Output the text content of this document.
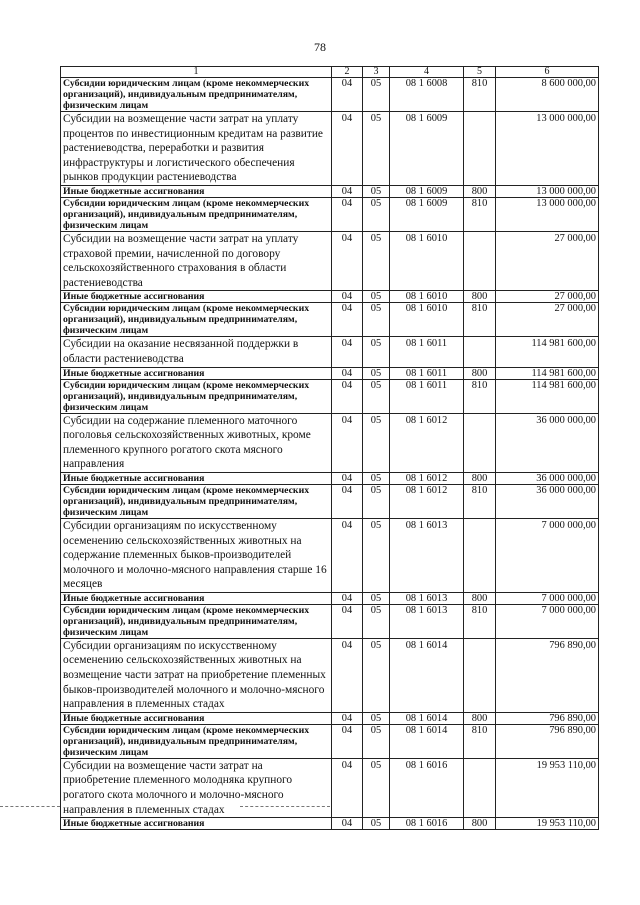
78
1	2	3	4	5	6
Субсидии юридическим лицам (кроме некоммерческих организаций), индивидуальным предпринимателям, физическим лицам	04	05	08 1 6008	810	8 600 000,00
Субсидии на возмещение части затрат на уплату процентов по инвестиционным кредитам на развитие растениеводства, переработки и развития инфраструктуры и логистического обеспечения рынков продукции растениеводства	04	05	08 1 6009		13 000 000,00
Иные бюджетные ассигнования	04	05	08 1 6009	800	13 000 000,00
Субсидии юридическим лицам (кроме некоммерческих организаций), индивидуальным предпринимателям, физическим лицам	04	05	08 1 6009	810	13 000 000,00
Субсидии на возмещение части затрат на уплату страховой премии, начисленной по договору сельскохозяйственного страхования в области растениеводства	04	05	08 1 6010		27 000,00
Иные бюджетные ассигнования	04	05	08 1 6010	800	27 000,00
Субсидии юридическим лицам (кроме некоммерческих организаций), индивидуальным предпринимателям, физическим лицам	04	05	08 1 6010	810	27 000,00
Субсидии на оказание несвязанной поддержки в области растениеводства	04	05	08 1 6011		114 981 600,00
Иные бюджетные ассигнования	04	05	08 1 6011	800	114 981 600,00
Субсидии юридическим лицам (кроме некоммерческих организаций), индивидуальным предпринимателям, физическим лицам	04	05	08 1 6011	810	114 981 600,00
Субсидии на содержание племенного маточного поголовья сельскохозяйственных животных, кроме племенного крупного рогатого скота мясного направления	04	05	08 1 6012		36 000 000,00
Иные бюджетные ассигнования	04	05	08 1 6012	800	36 000 000,00
Субсидии юридическим лицам (кроме некоммерческих организаций), индивидуальным предпринимателям, физическим лицам	04	05	08 1 6012	810	36 000 000,00
Субсидии организациям по искусственному осеменению сельскохозяйственных животных на содержание племенных быков-производителей молочного и молочно-мясного направления старше 16 месяцев	04	05	08 1 6013		7 000 000,00
Иные бюджетные ассигнования	04	05	08 1 6013	800	7 000 000,00
Субсидии юридическим лицам (кроме некоммерческих организаций), индивидуальным предпринимателям, физическим лицам	04	05	08 1 6013	810	7 000 000,00
Субсидии организациям по искусственному осеменению сельскохозяйственных животных на возмещение части затрат на приобретение племенных быков-производителей молочного и молочно-мясного направления в племенных стадах	04	05	08 1 6014		796 890,00
Иные бюджетные ассигнования	04	05	08 1 6014	800	796 890,00
Субсидии юридическим лицам (кроме некоммерческих организаций), индивидуальным предпринимателям, физическим лицам	04	05	08 1 6014	810	796 890,00
Субсидии на возмещение части затрат на приобретение племенного молодняка крупного рогатого скота молочного и молочно-мясного направления в племенных стадах	04	05	08 1 6016		19 953 110,00
Иные бюджетные ассигнования	04	05	08 1 6016	800	19 953 110,00
